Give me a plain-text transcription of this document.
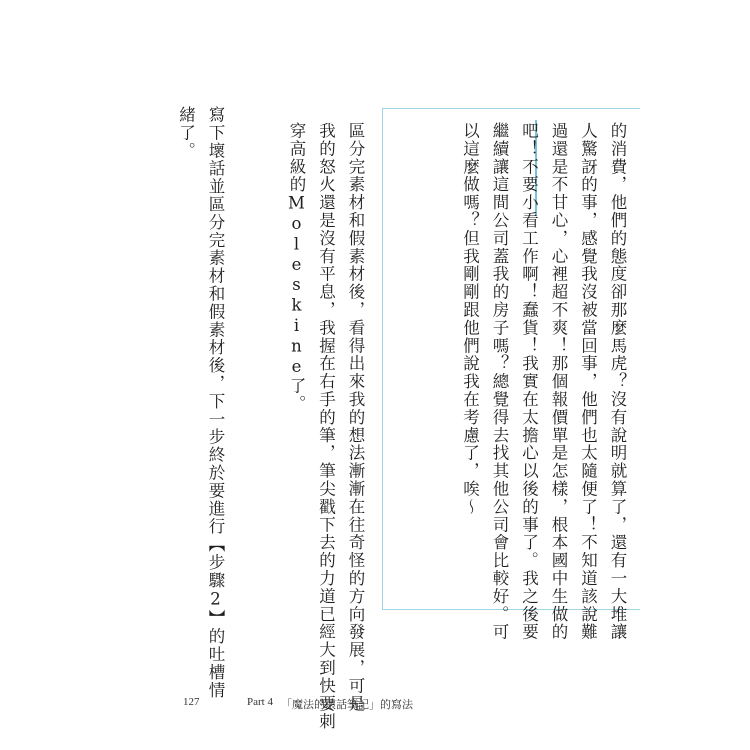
的消費，他們的態度卻那麼馬虎？沒有說明就算了，還有一大堆讓
人驚訝的事，感覺我沒被當回事，他們也太隨便了！不知道該說難
過還是不甘心，心裡超不爽！那個報價單是怎樣，根本國中生做的
吧！不要小看工作啊！蠢貨！我實在太擔心以後的事了。我之後要
繼續讓這間公司蓋我的房子嗎？總覺得去找其他公司會比較好。可
以這麼做嗎？但我剛剛跟他們說我在考慮了，唉～
區分完素材和假素材後，看得出來我的想法漸漸在往奇怪的方向發展，可是
我的怒火還是沒有平息，我握在右手的筆，筆尖戳下去的力道已經大到快要刺
穿高級的Moleskine了。
寫下壞話並區分完素材和假素材後，下一步終於要進行【步驟2】的吐槽情
緒了。
127	Part 4 「魔法的壞話筆記」的寫法
